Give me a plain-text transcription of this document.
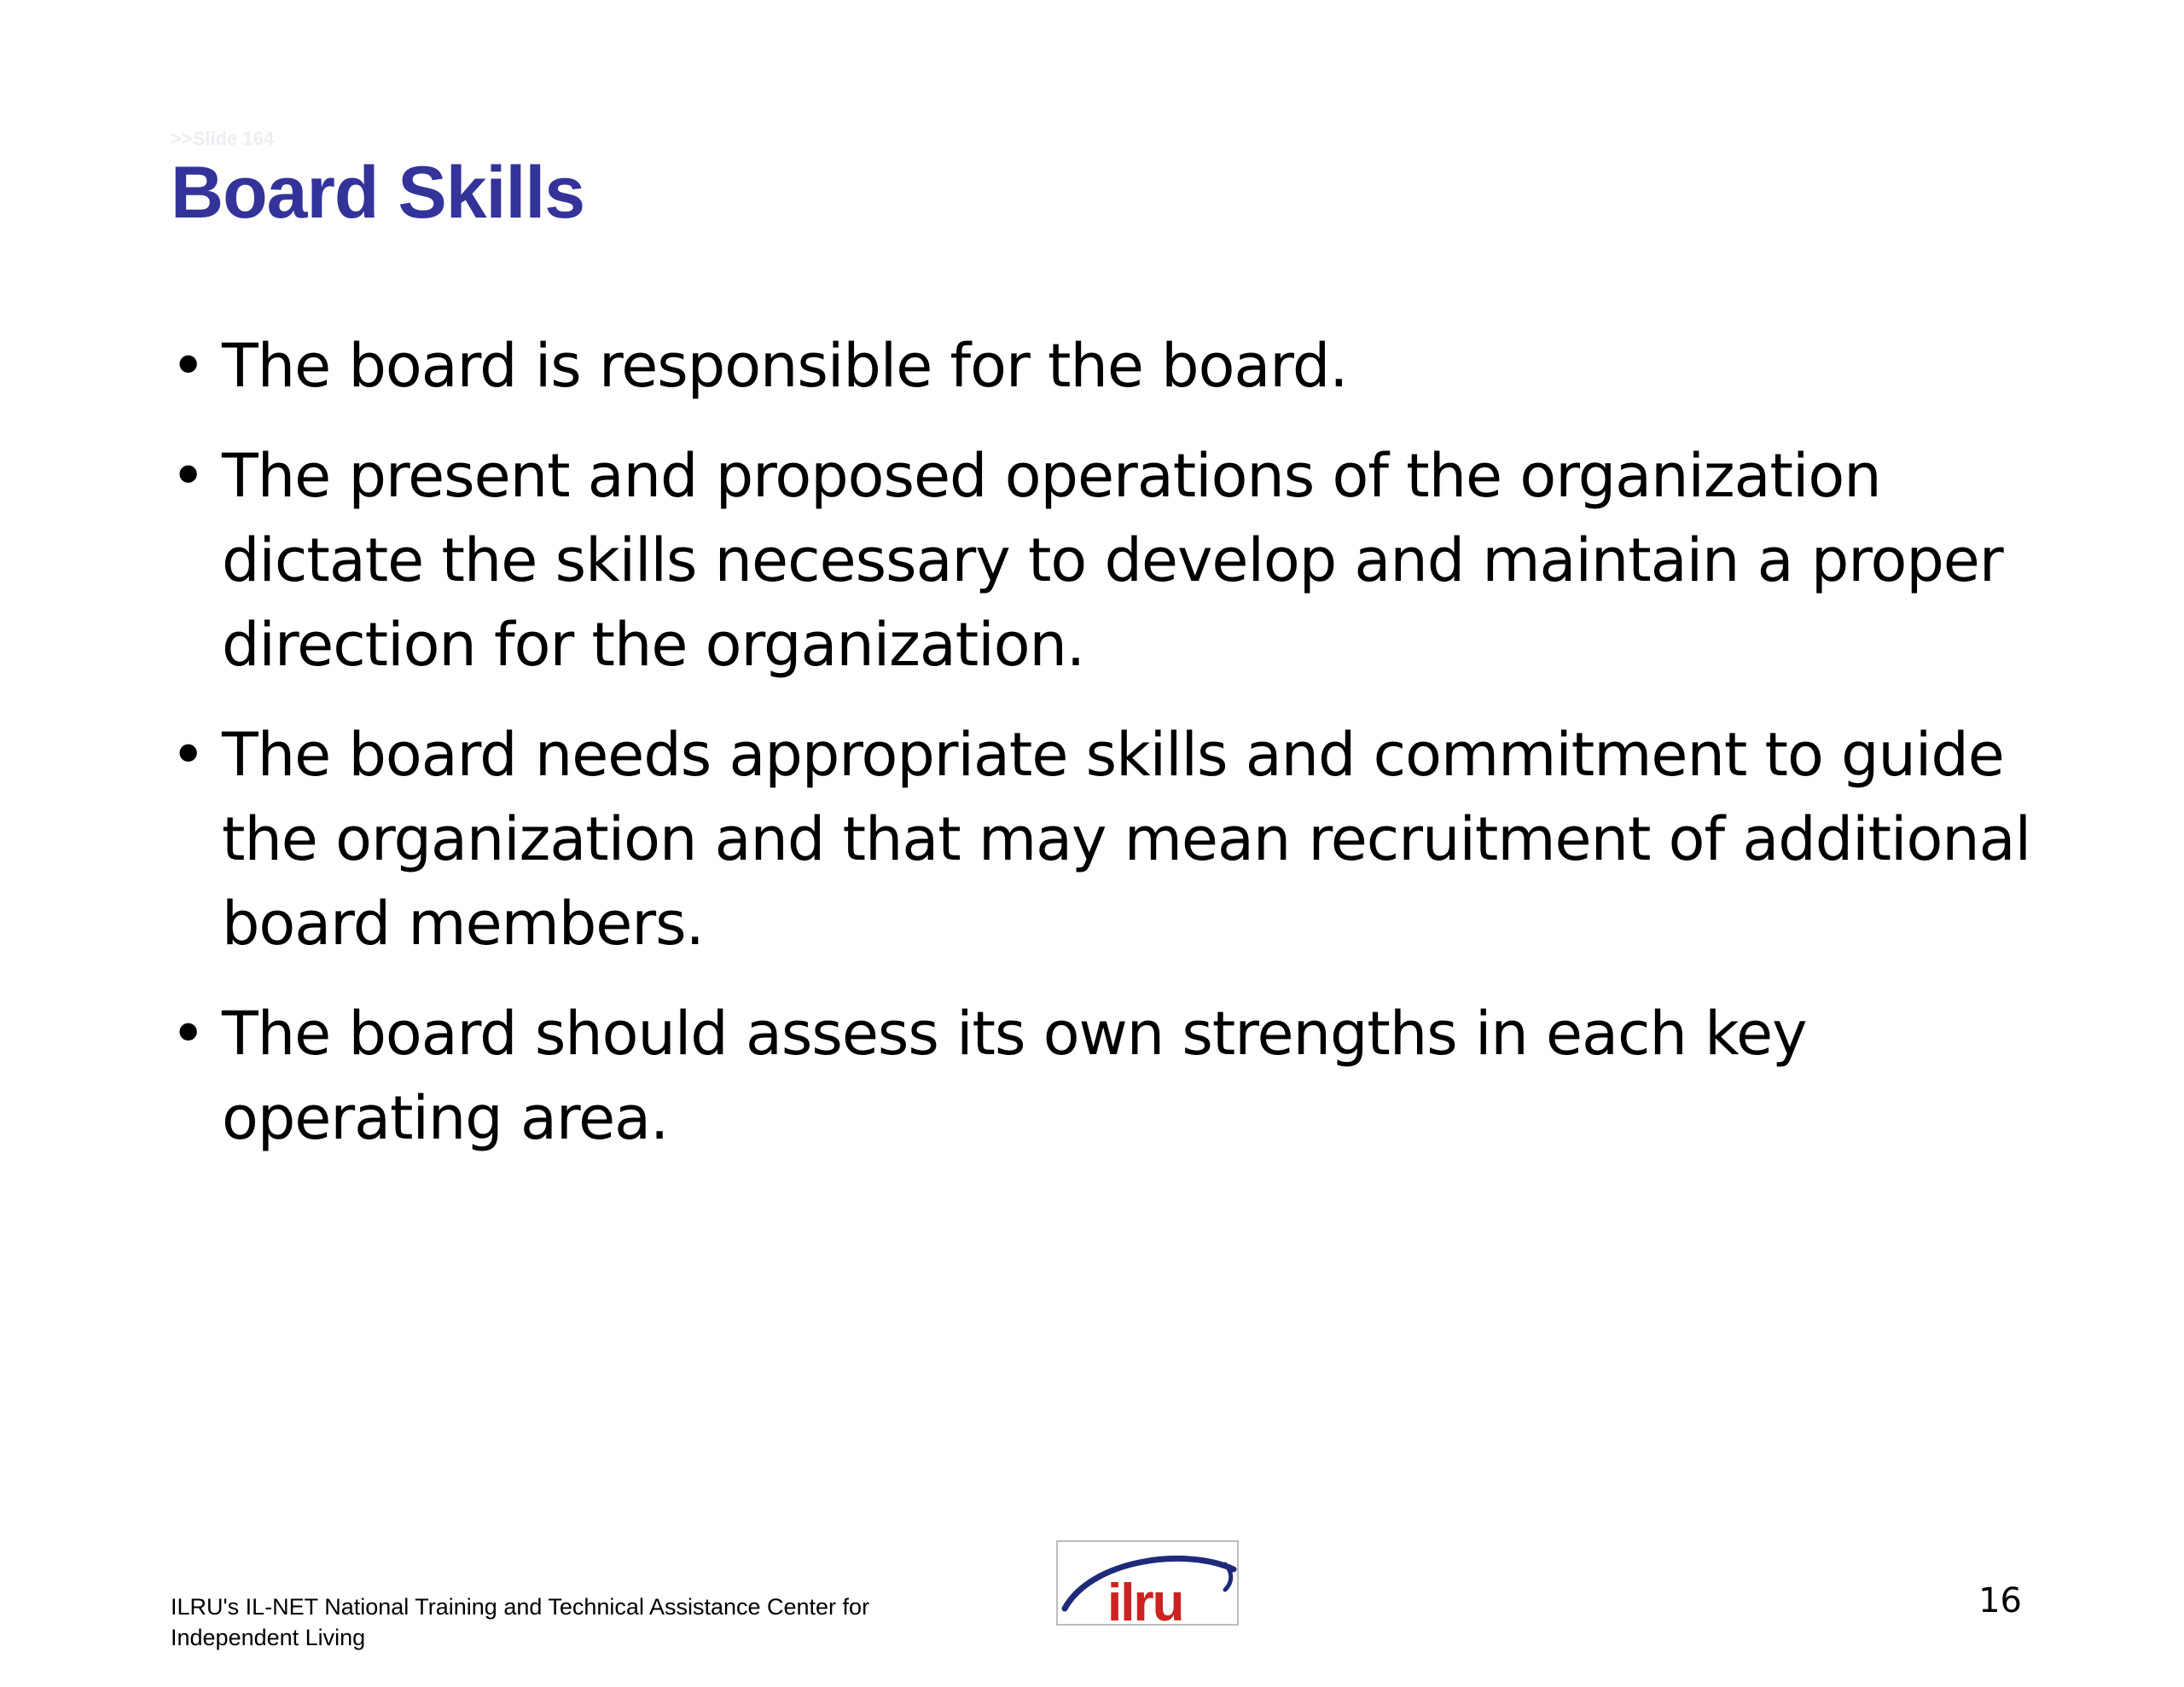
>>Slide 164
Board Skills
• The board is responsible for the board.
• The present and proposed operations of the organization dictate the skills necessary to develop and maintain a proper direction for the organization.
• The board needs appropriate skills and commitment to guide the organization and that may mean recruitment of additional board members.
• The board should assess its own strengths in each key operating area.
ILRU's IL-NET National Training and Technical Assistance Center for Independent Living
ilru	16
